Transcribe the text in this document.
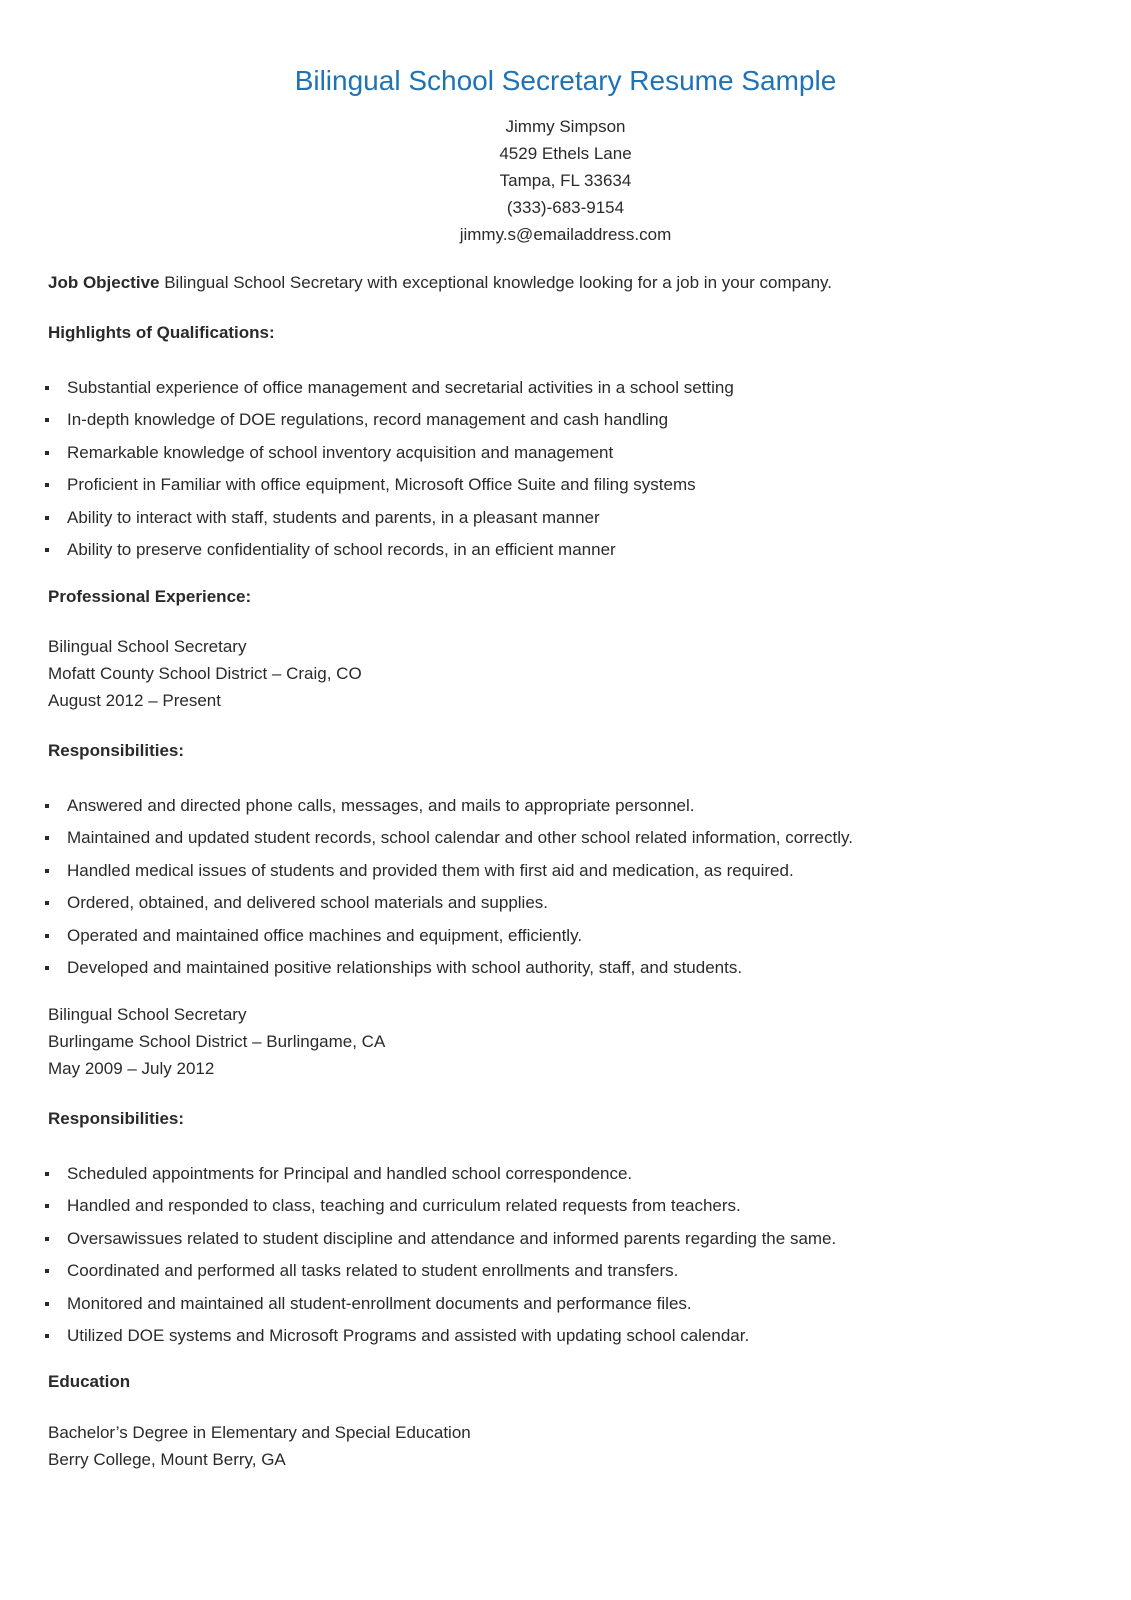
Bilingual School Secretary Resume Sample
Jimmy Simpson
4529 Ethels Lane
Tampa, FL 33634
(333)-683-9154
jimmy.s@emailaddress.com
Job Objective Bilingual School Secretary with exceptional knowledge looking for a job in your company.
Highlights of Qualifications:
Substantial experience of office management and secretarial activities in a school setting
In-depth knowledge of DOE regulations, record management and cash handling
Remarkable knowledge of school inventory acquisition and management
Proficient in Familiar with office equipment, Microsoft Office Suite and filing systems
Ability to interact with staff, students and parents, in a pleasant manner
Ability to preserve confidentiality of school records, in an efficient manner
Professional Experience:
Bilingual School Secretary
Mofatt County School District – Craig, CO
August 2012 – Present
Responsibilities:
Answered and directed phone calls, messages, and mails to appropriate personnel.
Maintained and updated student records, school calendar and other school related information, correctly.
Handled medical issues of students and provided them with first aid and medication, as required.
Ordered, obtained, and delivered school materials and supplies.
Operated and maintained office machines and equipment, efficiently.
Developed and maintained positive relationships with school authority, staff, and students.
Bilingual School Secretary
Burlingame School District – Burlingame, CA
May 2009 – July 2012
Responsibilities:
Scheduled appointments for Principal and handled school correspondence.
Handled and responded to class, teaching and curriculum related requests from teachers.
Oversawissues related to student discipline and attendance and informed parents regarding the same.
Coordinated and performed all tasks related to student enrollments and transfers.
Monitored and maintained all student-enrollment documents and performance files.
Utilized DOE systems and Microsoft Programs and assisted with updating school calendar.
Education
Bachelor’s Degree in Elementary and Special Education
Berry College, Mount Berry, GA
